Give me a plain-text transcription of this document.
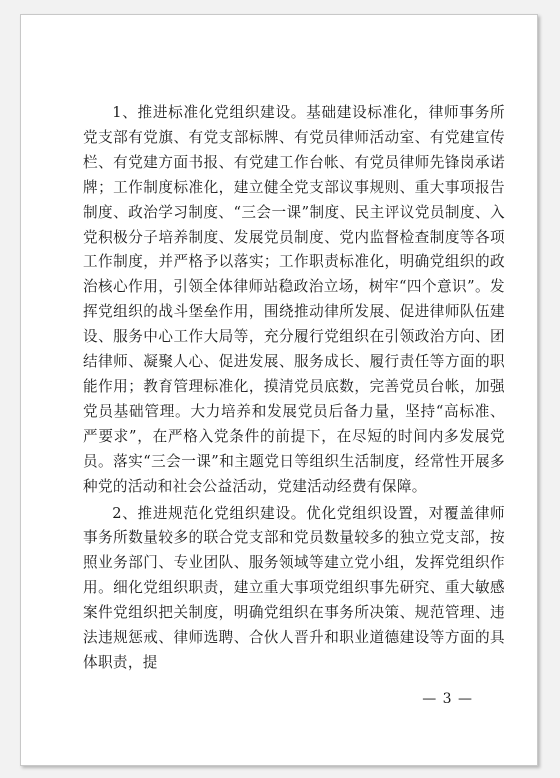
1、推进标准化党组织建设。基础建设标准化，律师事务所党支部有党旗、有党支部标牌、有党员律师活动室、有党建宣传栏、有党建方面书报、有党建工作台帐、有党员律师先锋岗承诺牌；工作制度标准化，建立健全党支部议事规则、重大事项报告制度、政治学习制度、“三会一课”制度、民主评议党员制度、入党积极分子培养制度、发展党员制度、党内监督检查制度等各项工作制度，并严格予以落实；工作职责标准化，明确党组织的政治核心作用，引领全体律师站稳政治立场，树牢“四个意识”。发挥党组织的战斗堡垒作用，围绕推动律所发展、促进律师队伍建设、服务中心工作大局等，充分履行党组织在引领政治方向、团结律师、凝聚人心、促进发展、服务成长、履行责任等方面的职能作用；教育管理标准化，摸清党员底数，完善党员台帐，加强党员基础管理。大力培养和发展党员后备力量，坚持“高标准、严要求”，在严格入党条件的前提下，在尽短的时间内多发展党员。落实“三会一课”和主题党日等组织生活制度，经常性开展多种党的活动和社会公益活动，党建活动经费有保障。

2、推进规范化党组织建设。优化党组织设置，对覆盖律师事务所数量较多的联合党支部和党员数量较多的独立党支部，按照业务部门、专业团队、服务领域等建立党小组，发挥党组织作用。细化党组织职责，建立重大事项党组织事先研究、重大敏感案件党组织把关制度，明确党组织在事务所决策、规范管理、违法违规惩戒、律师选聘、合伙人晋升和职业道德建设等方面的具体职责，提

— 3 —
